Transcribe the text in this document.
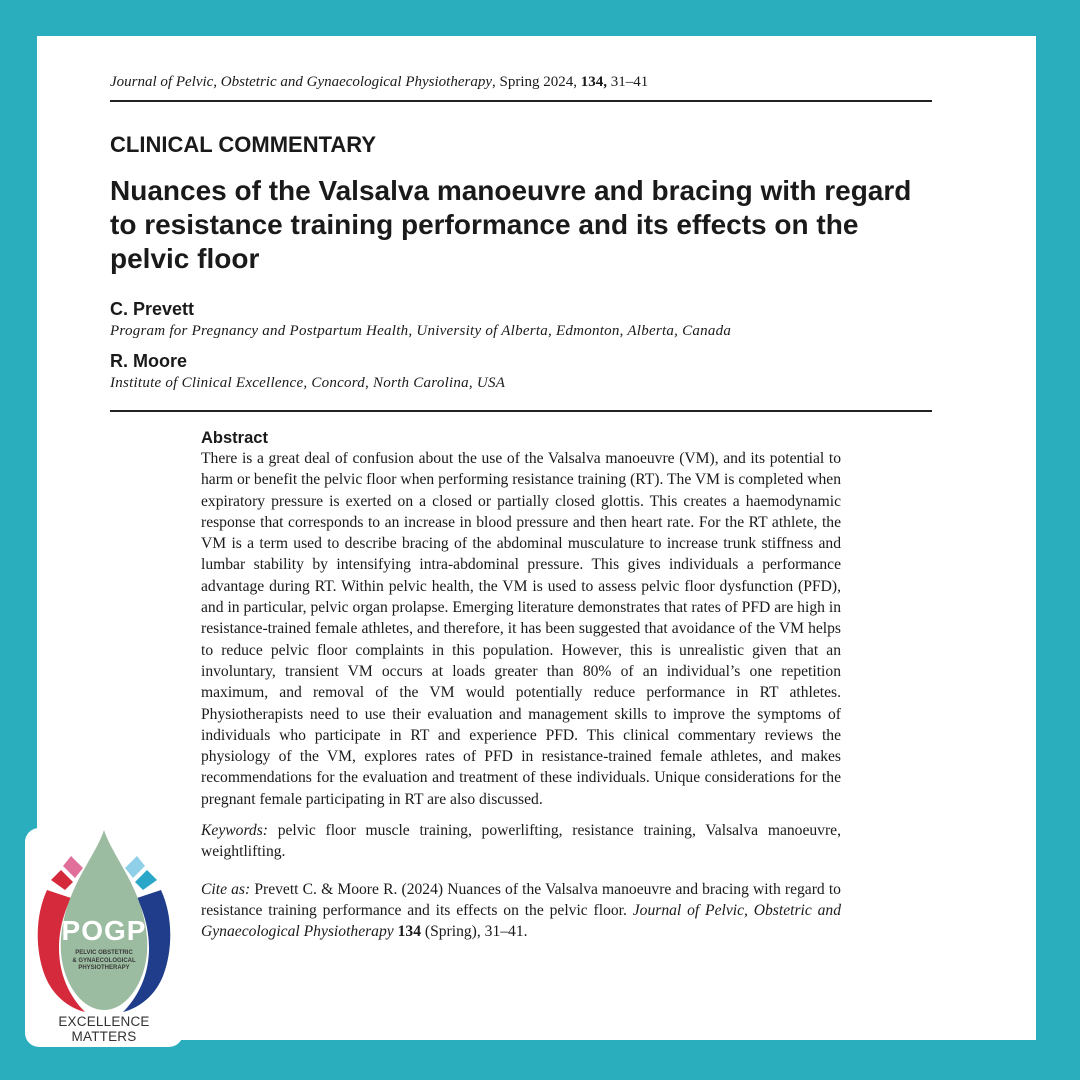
Journal of Pelvic, Obstetric and Gynaecological Physiotherapy, Spring 2024, 134, 31–41
CLINICAL COMMENTARY
Nuances of the Valsalva manoeuvre and bracing with regard to resistance training performance and its effects on the pelvic floor
C. Prevett
Program for Pregnancy and Postpartum Health, University of Alberta, Edmonton, Alberta, Canada
R. Moore
Institute of Clinical Excellence, Concord, North Carolina, USA
Abstract

There is a great deal of confusion about the use of the Valsalva manoeuvre (VM), and its potential to harm or benefit the pelvic floor when performing resistance training (RT). The VM is completed when expiratory pressure is exerted on a closed or partially closed glottis. This creates a haemodynamic response that corresponds to an increase in blood pressure and then heart rate. For the RT athlete, the VM is a term used to describe bracing of the abdominal musculature to increase trunk stiffness and lumbar stability by intensifying intra-abdominal pressure. This gives individuals a performance advantage during RT. Within pelvic health, the VM is used to assess pelvic floor dysfunction (PFD), and in particular, pelvic organ prolapse. Emerging literature demonstrates that rates of PFD are high in resistance-trained female athletes, and therefore, it has been suggested that avoidance of the VM helps to reduce pelvic floor complaints in this population. However, this is unrealistic given that an involuntary, transient VM occurs at loads greater than 80% of an individual’s one repetition maximum, and removal of the VM would potentially reduce performance in RT athletes. Physiotherapists need to use their evaluation and management skills to improve the symptoms of individuals who participate in RT and experience PFD. This clinical commentary reviews the physiology of the VM, explores rates of PFD in resistance-trained female athletes, and makes recommendations for the evaluation and treatment of these individuals. Unique considerations for the pregnant female participating in RT are also discussed.

Keywords: pelvic floor muscle training, powerlifting, resistance training, Valsalva manoeuvre, weightlifting.

Cite as: Prevett C. & Moore R. (2024) Nuances of the Valsalva manoeuvre and bracing with regard to resistance training performance and its effects on the pelvic floor. Journal of Pelvic, Obstetric and Gynaecological Physiotherapy 134 (Spring), 31–41.

POGP
PELVIC OBSTETRIC
& GYNAECOLOGICAL
PHYSIOTHERAPY
EXCELLENCE
MATTERS
